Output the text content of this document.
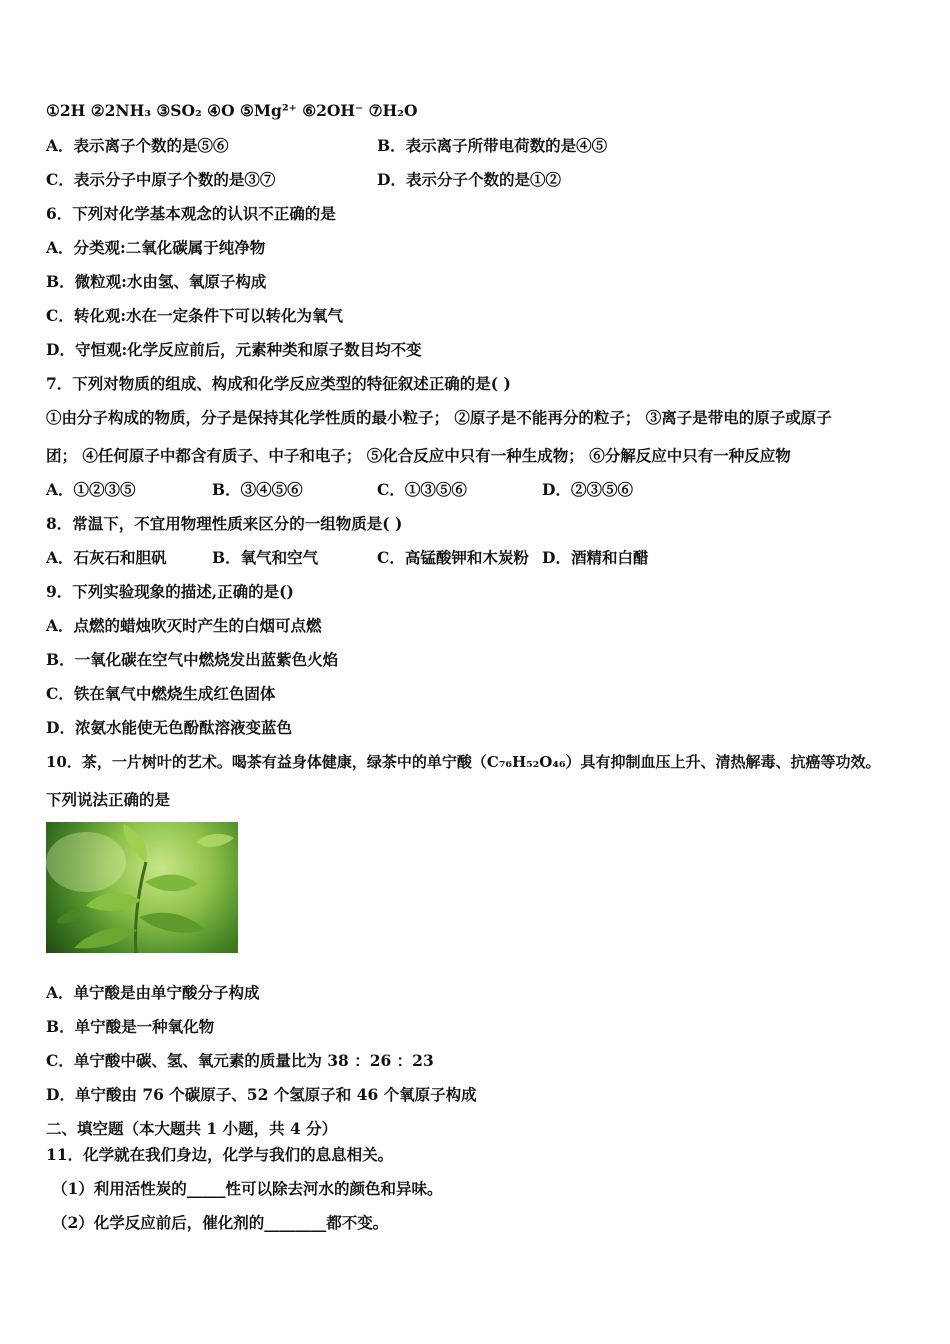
①2H ②2NH₃ ③SO₂ ④O ⑤Mg²⁺ ⑥2OH⁻ ⑦H₂O
A．表示离子个数的是⑤⑥	B．表示离子所带电荷数的是④⑤
C．表示分子中原子个数的是③⑦	D．表示分子个数的是①②
6．下列对化学基本观念的认识不正确的是
A．分类观:二氧化碳属于纯净物
B．微粒观:水由氢、氧原子构成
C．转化观:水在一定条件下可以转化为氧气
D．守恒观:化学反应前后，元素种类和原子数目均不变
7．下列对物质的组成、构成和化学反应类型的特征叙述正确的是( )
①由分子构成的物质，分子是保持其化学性质的最小粒子； ②原子是不能再分的粒子； ③离子是带电的原子或原子
团； ④任何原子中都含有质子、中子和电子； ⑤化合反应中只有一种生成物； ⑥分解反应中只有一种反应物
A．①②③⑤	B．③④⑤⑥	C．①③⑤⑥	D．②③⑤⑥
8．常温下，不宜用物理性质来区分的一组物质是( )
A．石灰石和胆矾	B．氧气和空气	C．高锰酸钾和木炭粉 D．酒精和白醋
9．下列实验现象的描述,正确的是()
A．点燃的蜡烛吹灭时产生的白烟可点燃
B．一氧化碳在空气中燃烧发出蓝紫色火焰
C．铁在氧气中燃烧生成红色固体
D．浓氨水能使无色酚酞溶液变蓝色
10．茶，一片树叶的艺术。喝茶有益身体健康，绿茶中的单宁酸（C₇₆H₅₂O₄₆）具有抑制血压上升、清热解毒、抗癌等功效。
下列说法正确的是
A．单宁酸是由单宁酸分子构成
B．单宁酸是一种氧化物
C．单宁酸中碳、氢、氧元素的质量比为 38 ：26 ：23
D．单宁酸由 76 个碳原子、52 个氢原子和 46 个氧原子构成
二、填空题（本大题共 1 小题，共 4 分）
11．化学就在我们身边，化学与我们的息息相关。
（1）利用活性炭的_____性可以除去河水的颜色和异味。
（2）化学反应前后，催化剂的________都不变。
